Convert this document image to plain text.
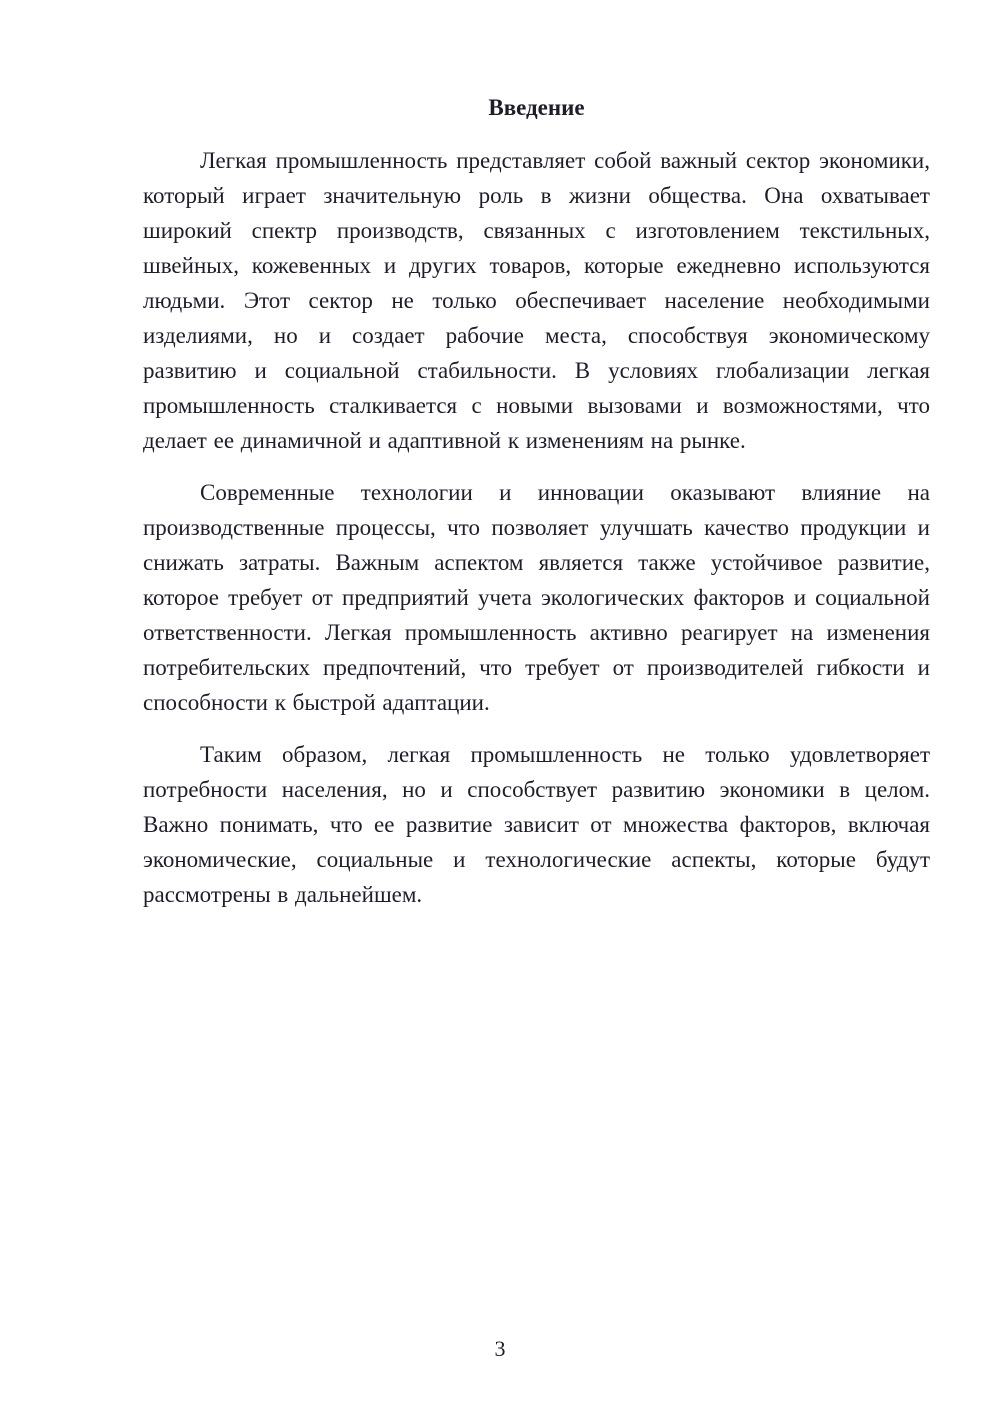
Введение

Легкая промышленность представляет собой важный сектор экономики, который играет значительную роль в жизни общества. Она охватывает широкий спектр производств, связанных с изготовлением текстильных, швейных, кожевенных и других товаров, которые ежедневно используются людьми. Этот сектор не только обеспечивает население необходимыми изделиями, но и создает рабочие места, способствуя экономическому развитию и социальной стабильности. В условиях глобализации легкая промышленность сталкивается с новыми вызовами и возможностями, что делает ее динамичной и адаптивной к изменениям на рынке.

Современные технологии и инновации оказывают влияние на производственные процессы, что позволяет улучшать качество продукции и снижать затраты. Важным аспектом является также устойчивое развитие, которое требует от предприятий учета экологических факторов и социальной ответственности. Легкая промышленность активно реагирует на изменения потребительских предпочтений, что требует от производителей гибкости и способности к быстрой адаптации.

Таким образом, легкая промышленность не только удовлетворяет потребности населения, но и способствует развитию экономики в целом. Важно понимать, что ее развитие зависит от множества факторов, включая экономические, социальные и технологические аспекты, которые будут рассмотрены в дальнейшем.

3
